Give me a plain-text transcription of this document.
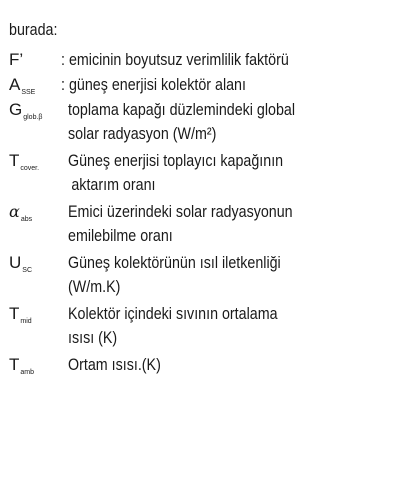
burada:
F’	: emicinin boyutsuz verimlilik faktörü
$A_{SSE}$	: güneş enerjisi kolektör alanı
$G_{glob.\beta}$	toplama kapağı düzlemindeki global
solar radyasyon (W/m²)
$T_{cover.}$	Güneş enerjisi toplayıcı kapağının
aktarım oranı
$\alpha_{abs}$	Emici üzerindeki solar radyasyonun
emilebilme oranı
$U_{SC}$	Güneş kolektörünün ısıl iletkenliği
(W/m.K)
$T_{mid}$	Kolektör içindeki sıvının ortalama
ısısı (K)
$T_{amb}$	Ortam ısısı.(K)
